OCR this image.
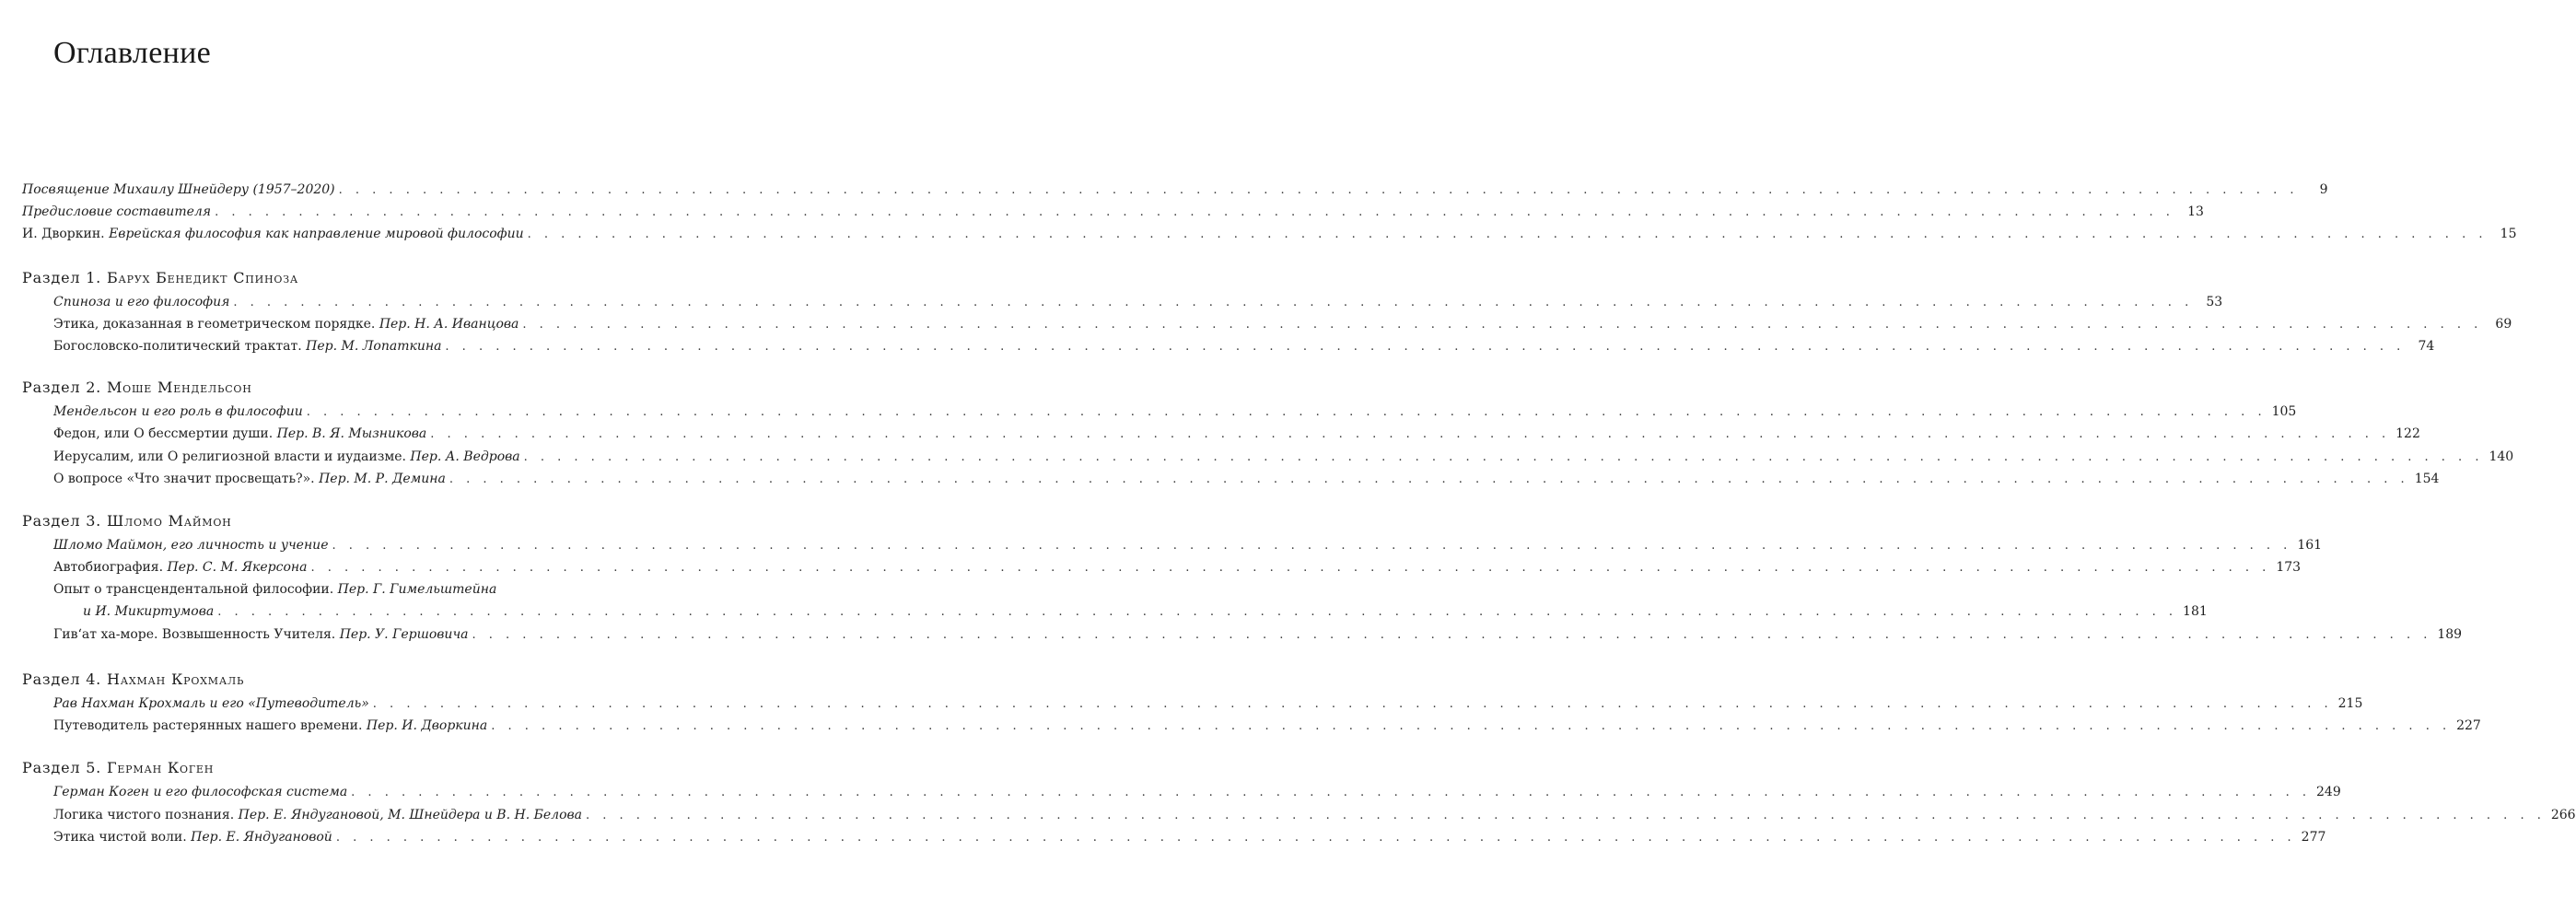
Оглавление
Посвящение Михаилу Шнейдеру (1957–2020) . . .	9
Предисловие составителя . . .	13
И. Дворкин. Еврейская философия как направление мировой философии . . .	15
Раздел 1. Барух Бенедикт Спиноза
Спиноза и его философия . . .	53
Этика, доказанная в геометрическом порядке. Пер. Н. А. Иванцова . . .	69
Богословско-политический трактат. Пер. М. Лопаткина . . .	74
Раздел 2. Моше Мендельсон
Мендельсон и его роль в философии . . .	105
Федон, или О бессмертии души. Пер. В. Я. Мызникова . . .	122
Иерусалим, или О религиозной власти и иудаизме. Пер. А. Ведрова . . .	140
О вопросе «Что значит просвещать?». Пер. М. Р. Демина . . .	154
Раздел 3. Шломо Маймон
Шломо Маймон, его личность и учение . . .	161
Автобиография. Пер. С. М. Якерсона . . .	173
Опыт о трансцендентальной философии. Пер. Г. Гимельштейна
и И. Микиртумова . . .	181
Гив‘ат ха-море. Возвышенность Учителя. Пер. У. Гершовича . . .	189
Раздел 4. Нахман Крохмаль
Рав Нахман Крохмаль и его «Путеводитель» . . .	215
Путеводитель растерянных нашего времени. Пер. И. Дворкина . . .	227
Раздел 5. Герман Коген
Герман Коген и его философская система . . .	249
Логика чистого познания. Пер. Е. Яндугановой, М. Шнейдера и В. Н. Белова . . .	266
Этика чистой воли. Пер. Е. Яндугановой . . .	277
